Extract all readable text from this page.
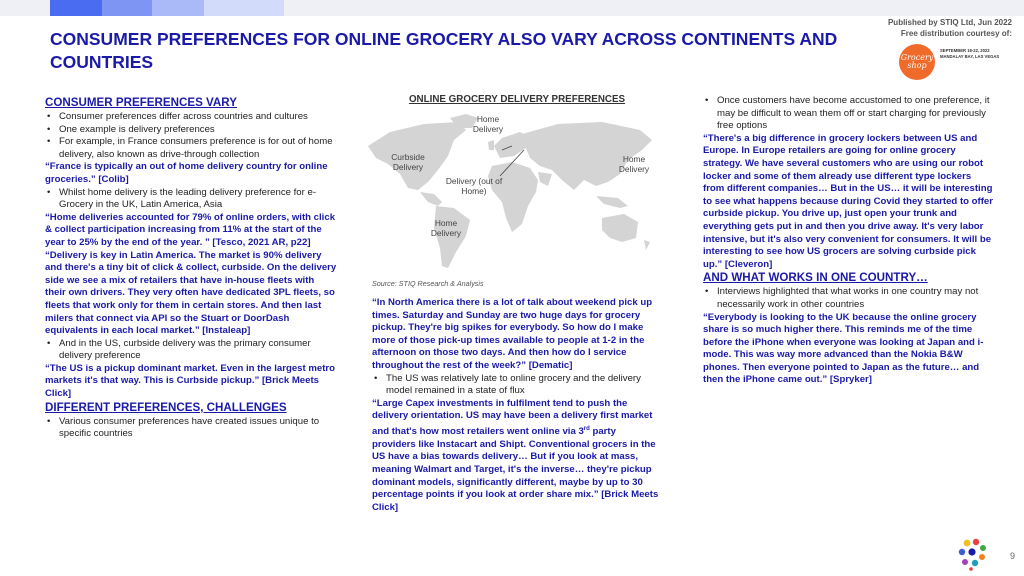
CONSUMER PREFERENCES FOR ONLINE GROCERY ALSO VARY ACROSS CONTINENTS AND COUNTRIES
Published by STIQ Ltd, Jun 2022
Free distribution courtesy of:
Grocery shop
SEPTEMBER 19-22, 2022
MANDALAY BAY, LAS VEGAS
CONSUMER PREFERENCES VARY
• Consumer preferences differ across countries and cultures
• One example is delivery preferences
• For example, in France consumers preference is for out of home delivery, also known as drive-through collection
“France is typically an out of home delivery country for online groceries.” [Colib]
• Whilst home delivery is the leading delivery preference for e-Grocery in the UK, Latin America, Asia
“Home deliveries accounted for 79% of online orders, with click & collect participation increasing from 11% at the start of the year to 25% by the end of the year. ” [Tesco, 2021 AR, p22]
“Delivery is key in Latin America. The market is 90% delivery and there's a tiny bit of click & collect, curbside. On the delivery side we see a mix of retailers that have in-house fleets with their own drivers. They very often have dedicated 3PL fleets, so fleets that work only for them in certain stores. And then last milers that connect via API so the Stuart or DoorDash equivalents in each local market.” [Instaleap]
• And in the US, curbside delivery was the primary consumer delivery preference
“The US is a pickup dominant market. Even in the largest metro markets it's that way. This is Curbside pickup.” [Brick Meets Click]
DIFFERENT PREFERENCES, CHALLENGES
• Various consumer preferences have created issues unique to specific countries
ONLINE GROCERY DELIVERY PREFERENCES
Curbside Delivery
Home Delivery
Delivery (out of Home)
Home Delivery
Home Delivery
Source: STIQ Research & Analysis
“In North America there is a lot of talk about weekend pick up times. Saturday and Sunday are two huge days for grocery pickup. They're big spikes for everybody. So how do I make more of those pick-up times available to people at 1-2 in the afternoon on those two days. And then how do I service throughout the rest of the week?” [Dematic]
• The US was relatively late to online grocery and the delivery model remained in a state of flux
“Large Capex investments in fulfilment tend to push the delivery orientation. US may have been a delivery first market and that's how most retailers went online via 3rd party providers like Instacart and Shipt. Conventional grocers in the US have a bias towards delivery… But if you look at mass, meaning Walmart and Target, it's the inverse… they're pickup dominant models, significantly different, maybe by up to 30 percentage points if you look at order share mix.” [Brick Meets Click]
• Once customers have become accustomed to one preference, it may be difficult to wean them off or start charging for previously free options
“There's a big difference in grocery lockers between US and Europe. In Europe retailers are going for online grocery strategy. We have several customers who are using our robot locker and some of them already use different type lockers from different companies… But in the US… it will be interesting to see what happens because during Covid they started to offer curbside pickup. You drive up, just open your trunk and everything gets put in and then you drive away. It's very labor intensive, but it's also very convenient for consumers. It will be interesting to see how US grocers are solving curbside pick up.” [Cleveron]
AND WHAT WORKS IN ONE COUNTRY…
• Interviews highlighted that what works in one country may not necessarily work in other countries
“Everybody is looking to the UK because the online grocery share is so much higher there. This reminds me of the time before the iPhone when everyone was looking at Japan and i-mode. This was way more advanced than the Nokia B&W phones. Then everyone pointed to Japan as the future… and then the iPhone came out.” [Spryker]
9
